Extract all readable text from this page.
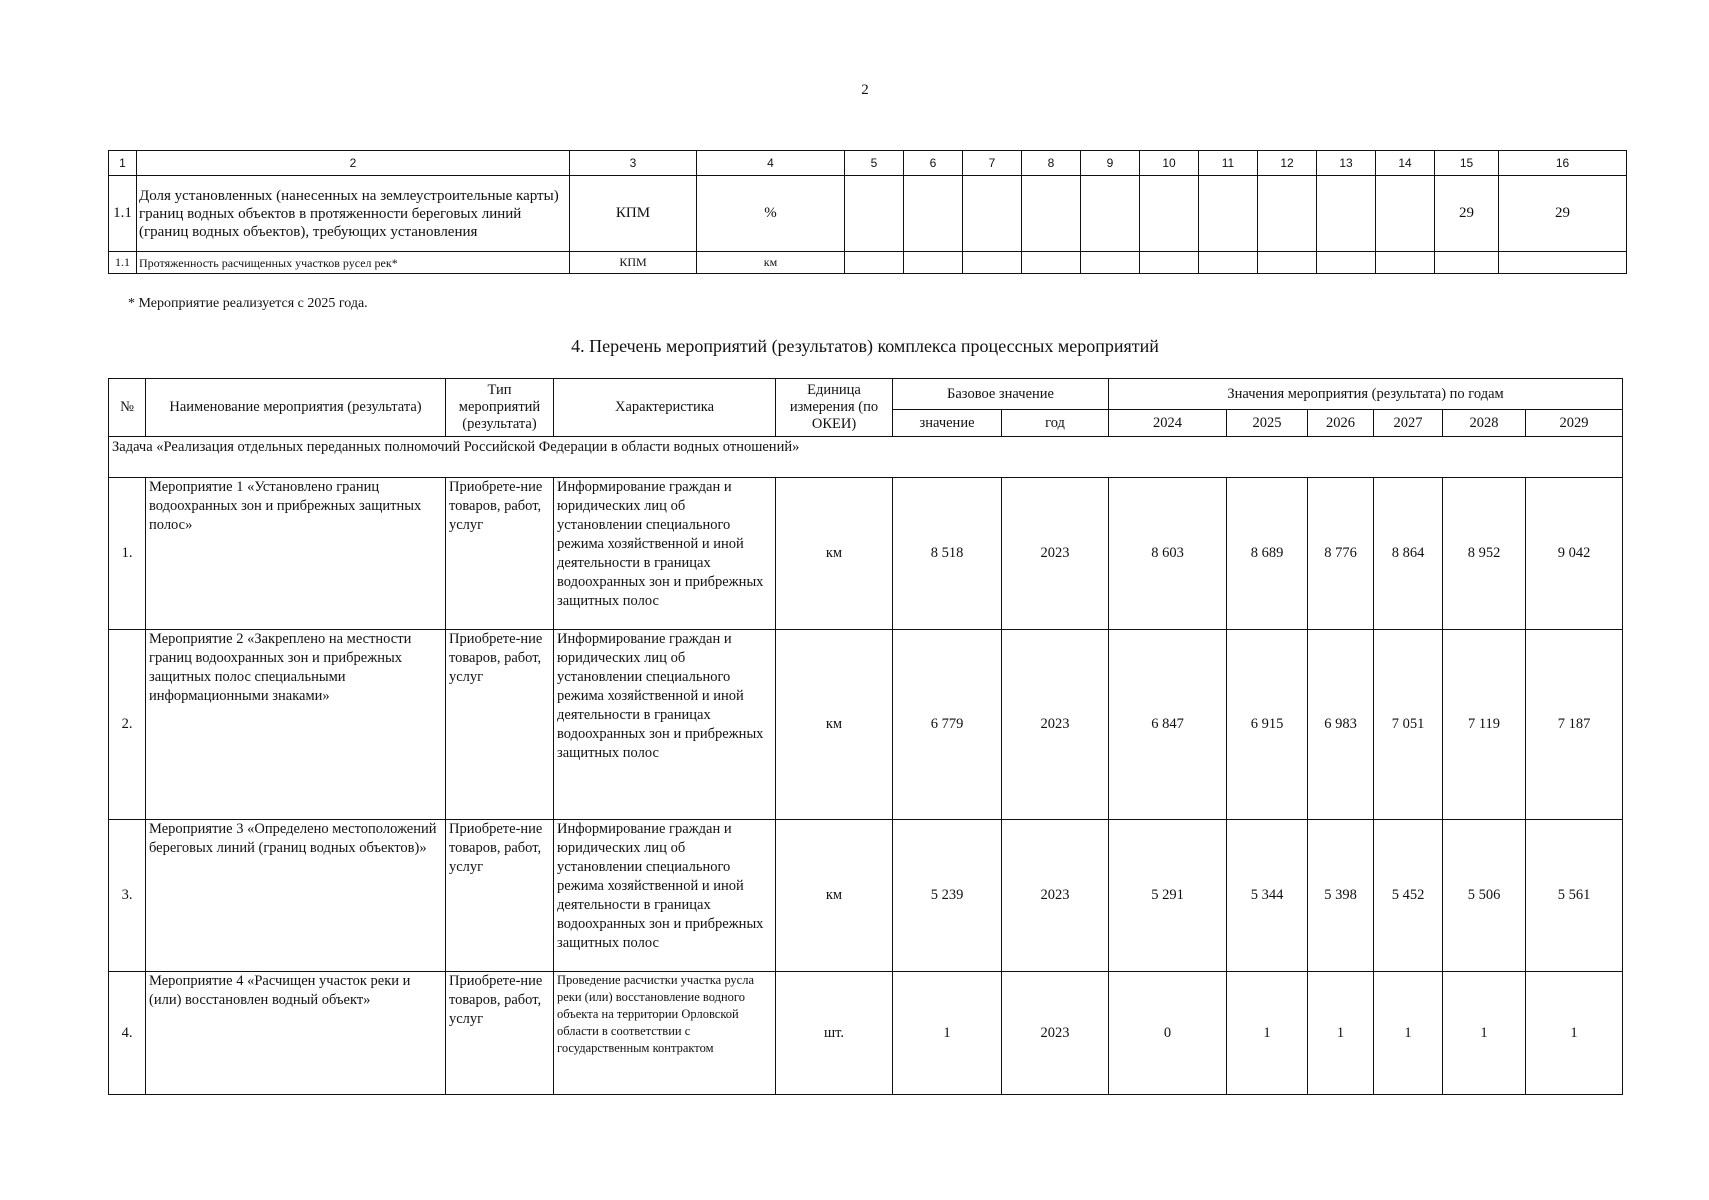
2
1	2	3	4	5	6	7	8	9	10	11	12	13	14	15	16
1.1	Доля установленных (нанесенных на землеустроительные карты) границ водных объектов в протяженности береговых линий (границ водных объектов), требующих установления	КПМ	%											29	29
1.1	Протяженность расчищенных участков русел рек*	КПМ	км												
* Мероприятие реализуется с 2025 года.
4. Перечень мероприятий (результатов) комплекса процессных мероприятий
№	Наименование мероприятия (результата)	Тип мероприятий (результата)	Характеристика	Единица измерения (по ОКЕИ)	Базовое значение		Значения мероприятия (результата) по годам					
					значение	год	2024	2025	2026	2027	2028	2029
Задача «Реализация отдельных переданных полномочий Российской Федерации в области водных отношений»												
1.	Мероприятие 1 «Установлено границ водоохранных зон и прибрежных защитных полос»	Приобрете-ние товаров, работ, услуг	Информирование граждан и юридических лиц об установлении специального режима хозяйственной и иной деятельности в границах водоохранных зон и прибрежных защитных полос	км	8 518	2023	8 603	8 689	8 776	8 864	8 952	9 042
2.	Мероприятие 2 «Закреплено на местности границ водоохранных зон и прибрежных защитных полос специальными информационными знаками»	Приобрете-ние товаров, работ, услуг	Информирование граждан и юридических лиц об установлении специального режима хозяйственной и иной деятельности в границах водоохранных зон и прибрежных защитных полос	км	6 779	2023	6 847	6 915	6 983	7 051	7 119	7 187
3.	Мероприятие 3 «Определено местоположений береговых линий (границ водных объектов)»	Приобрете-ние товаров, работ, услуг	Информирование граждан и юридических лиц об установлении специального режима хозяйственной и иной деятельности в границах водоохранных зон и прибрежных защитных полос	км	5 239	2023	5 291	5 344	5 398	5 452	5 506	5 561
4.	Мероприятие 4 «Расчищен участок реки и (или) восстановлен водный объект»	Приобрете-ние товаров, работ, услуг	Проведение расчистки участка русла реки (или) восстановление водного объекта на территории Орловской области в соответствии с государственным контрактом	шт.	1	2023	0	1	1	1	1	1
